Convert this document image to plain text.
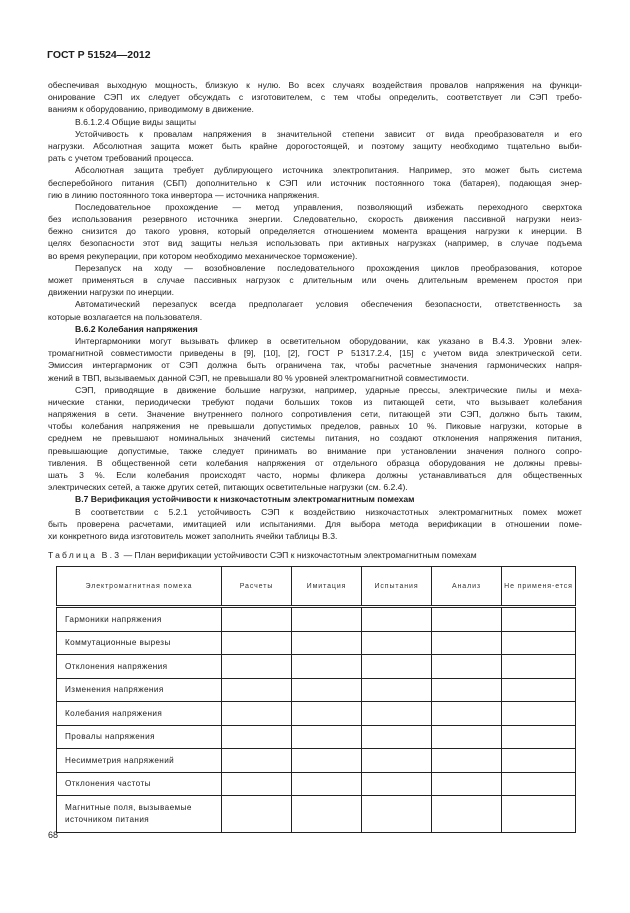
ГОСТ Р 51524—2012
обеспечивая выходную мощность, близкую к нулю. Во всех случаях воздействия провалов напряжения на функци-
онирование СЭП их следует обсуждать с изготовителем, с тем чтобы определить, соответствует ли СЭП требо-
ваниям к оборудованию, приводимому в движение.
В.6.1.2.4 Общие виды защиты
Устойчивость к провалам напряжения в значительной степени зависит от вида преобразователя и его
нагрузки. Абсолютная защита может быть крайне дорогостоящей, и поэтому защиту необходимо тщательно выби-
рать с учетом требований процесса.
Абсолютная защита требует дублирующего источника электропитания. Например, это может быть система
бесперебойного питания (СБП) дополнительно к СЭП или источник постоянного тока (батарея), подающая энер-
гию в линию постоянного тока инвертора — источника напряжения.
Последовательное прохождение — метод управления, позволяющий избежать переходного сверхтока
без использования резервного источника энергии. Следовательно, скорость движения пассивной нагрузки неиз-
бежно снизится до такого уровня, который определяется отношением момента вращения нагрузки к инерции. В
целях безопасности этот вид защиты нельзя использовать при активных нагрузках (например, в случае подъема
во время рекуперации, при котором необходимо механическое торможение).
Перезапуск на ходу — возобновление последовательного прохождения циклов преобразования, которое
может применяться в случае пассивных нагрузок с длительным или очень длительным временем простоя при
движении нагрузки по инерции.
Автоматический перезапуск всегда предполагает условия обеспечения безопасности, ответственность за
которые возлагается на пользователя.
В.6.2 Колебания напряжения
Интергармоники могут вызывать фликер в осветительном оборудовании, как указано в В.4.3. Уровни элек-
тромагнитной совместимости приведены в [9], [10], [2], ГОСТ Р 51317.2.4, [15] с учетом вида электрической сети.
Эмиссия интергармоник от СЭП должна быть ограничена так, чтобы расчетные значения гармонических напря-
жений в ТВП, вызываемых данной СЭП, не превышали 80 % уровней электромагнитной совместимости.
СЭП, приводящие в движение большие нагрузки, например, ударные прессы, электрические пилы и меха-
нические станки, периодически требуют подачи больших токов из питающей сети, что вызывает колебания
напряжения в сети. Значение внутреннего полного сопротивления сети, питающей эти СЭП, должно быть таким,
чтобы колебания напряжения не превышали допустимых пределов, равных 10 %. Пиковые нагрузки, которые в
среднем не превышают номинальных значений системы питания, но создают отклонения напряжения питания,
превышающие допустимые, также следует принимать во внимание при установлении значения полного сопро-
тивления. В общественной сети колебания напряжения от отдельного образца оборудования не должны превы-
шать 3 %. Если колебания происходят часто, нормы фликера должны устанавливаться для общественных
электрических сетей, а также других сетей, питающих осветительные нагрузки (см. 6.2.4).
В.7 Верификация устойчивости к низкочастотным электромагнитным помехам
В соответствии с 5.2.1 устойчивость СЭП к воздействию низкочастотных электромагнитных помех может
быть проверена расчетами, имитацией или испытаниями. Для выбора метода верификации в отношении поме-
хи конкретного вида изготовитель может заполнить ячейки таблицы В.3.
Таблица В.3 — План верификации устойчивости СЭП к низкочастотным электромагнитным помехам
Электромагнитная помеха	Расчеты	Имитация	Испытания	Анализ	Не применя-ется
Гармоники напряжения					
Коммутационные вырезы					
Отклонения напряжения					
Изменения напряжения					
Колебания напряжения					
Провалы напряжения					
Несимметрия напряжений					
Отклонения частоты					
Магнитные поля, вызываемые источником питания					
68
